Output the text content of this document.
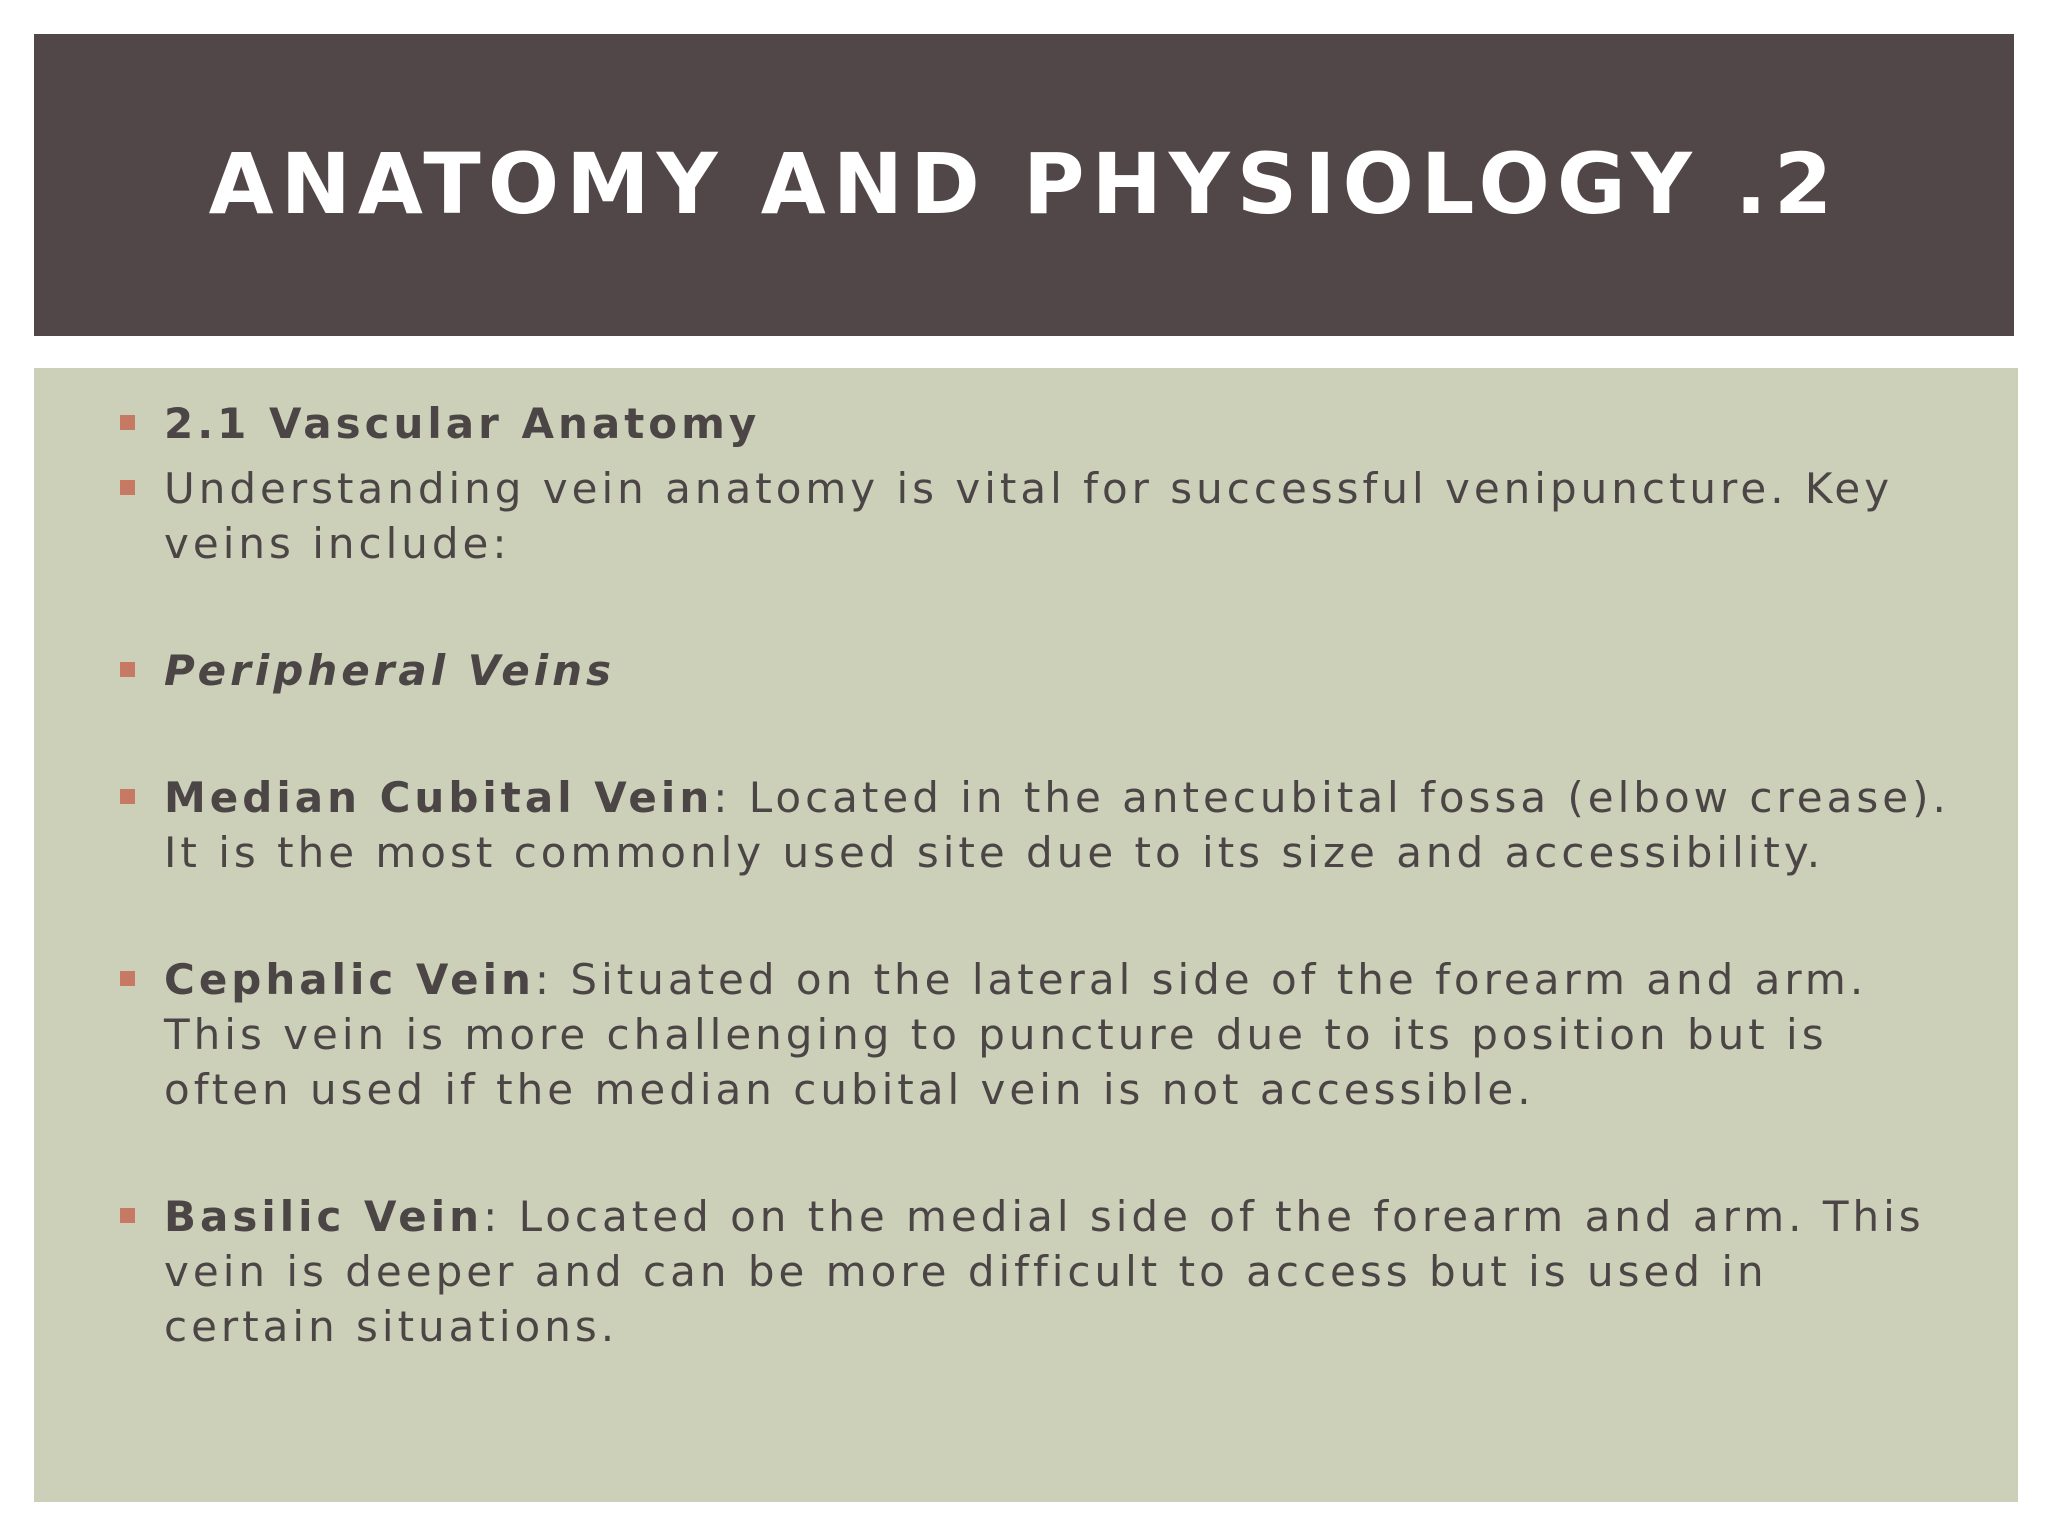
ANATOMY AND PHYSIOLOGY .2
2.1 Vascular Anatomy
Understanding vein anatomy is vital for successful venipuncture. Key veins include:
Peripheral Veins
Median Cubital Vein: Located in the antecubital fossa (elbow crease). It is the most commonly used site due to its size and accessibility.
Cephalic Vein: Situated on the lateral side of the forearm and arm. This vein is more challenging to puncture due to its position but is often used if the median cubital vein is not accessible.
Basilic Vein: Located on the medial side of the forearm and arm. This vein is deeper and can be more difficult to access but is used in certain situations.
